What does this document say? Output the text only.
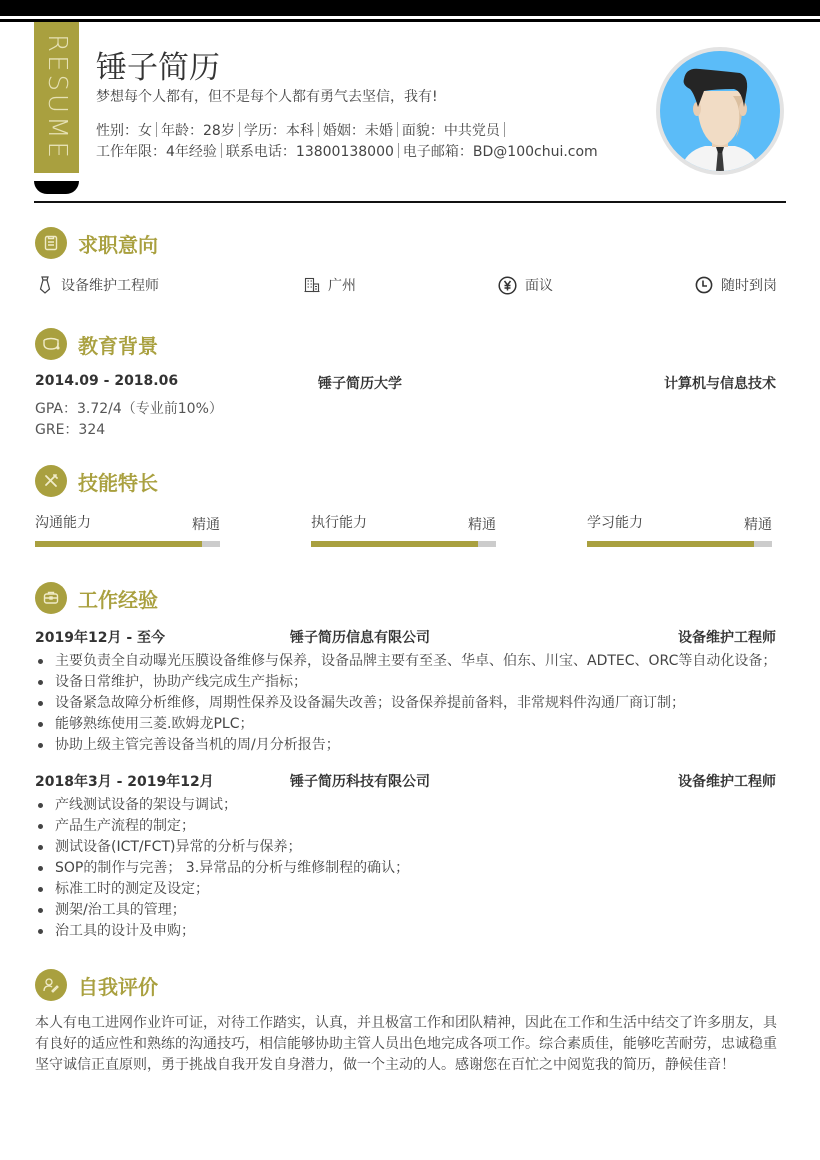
RESUME 锤子简历
梦想每个人都有，但不是每个人都有勇气去坚信，我有!
性别：女 年龄：28岁 学历：本科 婚姻：未婚 面貌：中共党员
工作年限：4年经验 联系电话：13800138000 电子邮箱：BD@100chui.com
求职意向
设备维护工程师	广州	面议	随时到岗
教育背景
2014.09 - 2018.06	锤子简历大学	计算机与信息技术
GPA：3.72/4（专业前10%）
GRE：324
技能特长
沟通能力	精通	执行能力	精通	学习能力	精通
工作经验
2019年12月 - 至今	锤子简历信息有限公司	设备维护工程师
主要负责全自动曝光压膜设备维修与保养，设备品牌主要有至圣、华卓、伯东、川宝、ADTEC、ORC等自动化设备；
设备日常维护，协助产线完成生产指标；
设备紧急故障分析维修，周期性保养及设备漏失改善；设备保养提前备料，非常规料件沟通厂商订制；
能够熟练使用三菱.欧姆龙PLC；
协助上级主管完善设备当机的周/月分析报告；
2018年3月 - 2019年12月	锤子简历科技有限公司	设备维护工程师
产线测试设备的架设与调试；
产品生产流程的制定；
测试设备(ICT/FCT)异常的分析与保养；
SOP的制作与完善； 3.异常品的分析与维修制程的确认；
标准工时的测定及设定；
测架/治工具的管理；
治工具的设计及申购；
自我评价

本人有电工进网作业许可证，对待工作踏实，认真，并且极富工作和团队精神，因此在工作和生活中结交了许多朋友，具有良好的适应性和熟练的沟通技巧，相信能够协助主管人员出色地完成各项工作。综合素质佳，能够吃苦耐劳，忠诚稳重坚守诚信正直原则，勇于挑战自我开发自身潜力，做一个主动的人。感谢您在百忙之中阅览我的简历，静候佳音！
